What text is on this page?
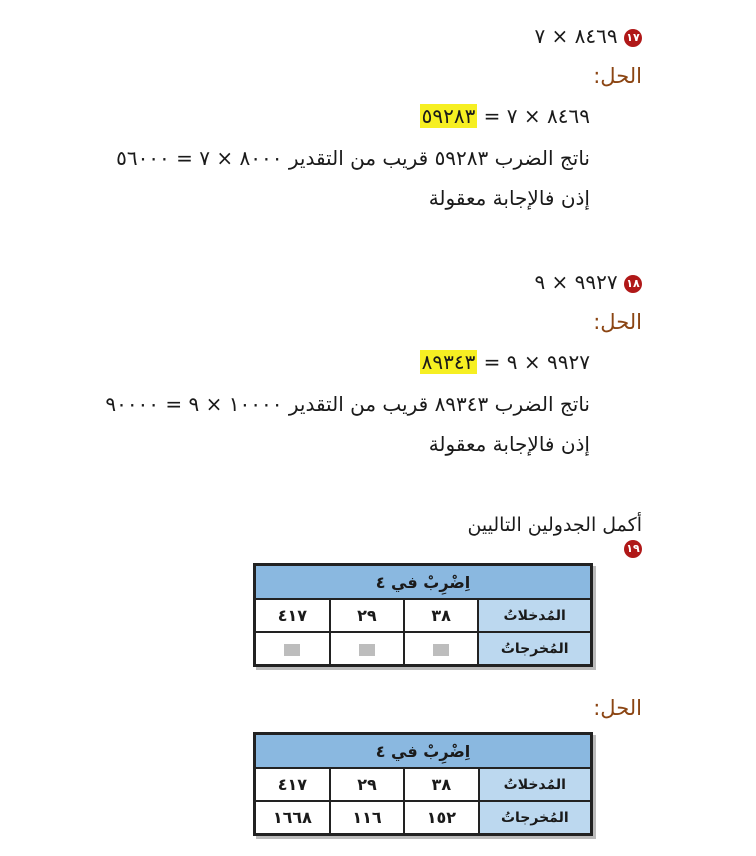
١٧ ٨٤٦٩ × ٧
الحل:
٨٤٦٩ × ٧ = ٥٩٢٨٣
ناتج الضرب ٥٩٢٨٣ قريب من التقدير ٨٠٠٠ × ٧ = ٥٦٠٠٠
إذن فالإجابة معقولة
١٨ ٩٩٢٧ × ٩
الحل:
٩٩٢٧ × ٩ = ٨٩٣٤٣
ناتج الضرب ٨٩٣٤٣ قريب من التقدير ١٠٠٠٠ × ٩ = ٩٠٠٠٠
إذن فالإجابة معقولة
أكمل الجدولين التاليين
١٩
اِضْرِبْ في ٤			
المُدخلاتُ	٣٨	٢٩	٤١٧
المُخرجاتُ			
الحل:
اِضْرِبْ في ٤			
المُدخلاتُ	٣٨	٢٩	٤١٧
المُخرجاتُ	١٥٢	١١٦	١٦٦٨
